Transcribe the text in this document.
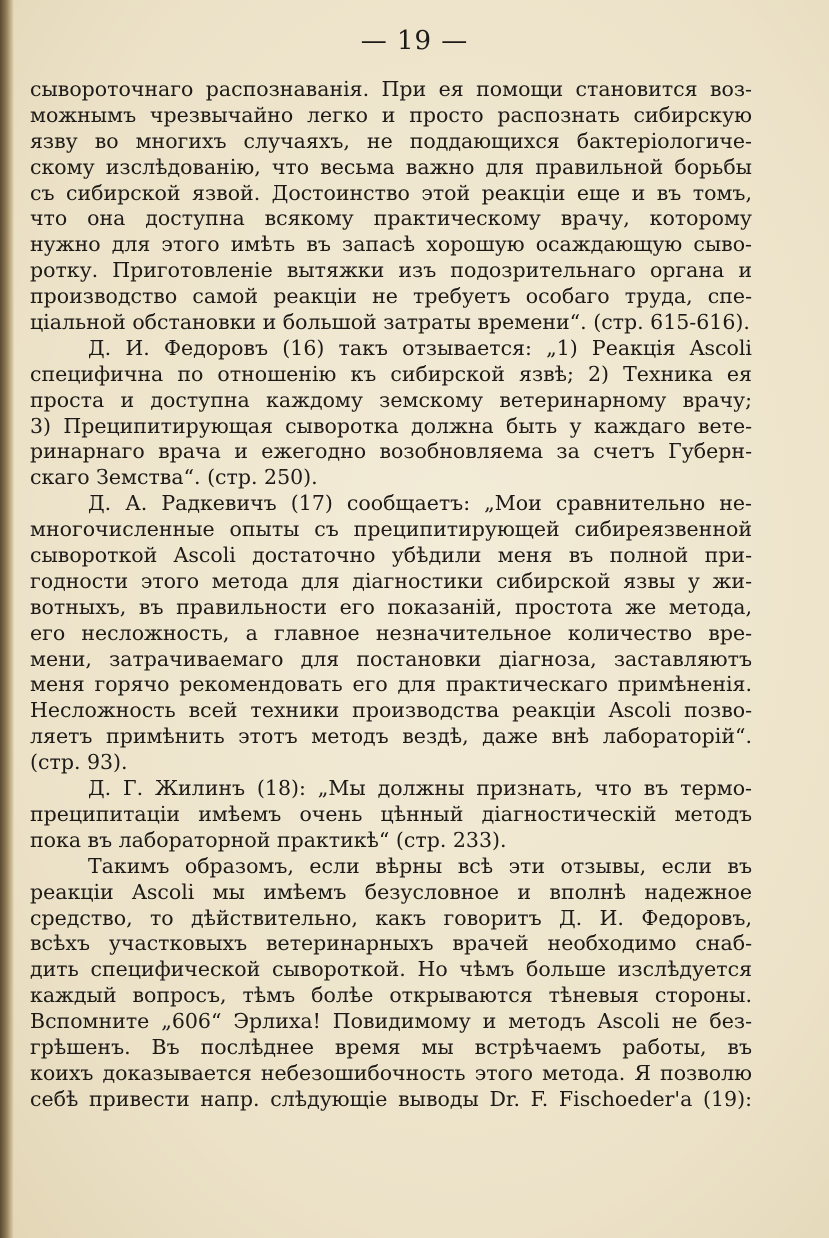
— 19 —
сывороточнаго распознаванія. При ея помощи становится воз-
можнымъ чрезвычайно легко и просто распознать сибирскую
язву во многихъ случаяхъ, не поддающихся бактеріологиче-
скому изслѣдованію, что весьма важно для правильной борьбы
съ сибирской язвой. Достоинство этой реакціи еще и въ томъ,
что она доступна всякому практическому врачу, которому
нужно для этого имѣть въ запасѣ хорошую осаждающую сыво-
ротку. Приготовленіе вытяжки изъ подозрительнаго органа и
производство самой реакціи не требуетъ особаго труда, спе-
ціальной обстановки и большой затраты времени“. (стр. 615-616).
Д. И. Федоровъ (16) такъ отзывается: „1) Реакція Ascoli
специфична по отношенію къ сибирской язвѣ; 2) Техника ея
проста и доступна каждому земскому ветеринарному врачу;
3) Преципитирующая сыворотка должна быть у каждаго вете-
ринарнаго врача и ежегодно возобновляема за счетъ Губерн-
скаго Земства“. (стр. 250).
Д. А. Радкевичъ (17) сообщаетъ: „Мои сравнительно не-
многочисленные опыты съ преципитирующей сибиреязвенной
сывороткой Ascoli достаточно убѣдили меня въ полной при-
годности этого метода для діагностики сибирской язвы у жи-
вотныхъ, въ правильности его показаній, простота же метода,
его несложность, а главное незначительное количество вре-
мени, затрачиваемаго для постановки діагноза, заставляютъ
меня горячо рекомендовать его для практическаго примѣненія.
Несложность всей техники производства реакціи Ascoli позво-
ляетъ примѣнить этотъ методъ вездѣ, даже внѣ лабораторій“.
(стр. 93).
Д. Г. Жилинъ (18): „Мы должны признать, что въ термо-
преципитаціи имѣемъ очень цѣнный діагностическій методъ
пока въ лабораторной практикѣ“ (стр. 233).
Такимъ образомъ, если вѣрны всѣ эти отзывы, если въ
реакціи Ascoli мы имѣемъ безусловное и вполнѣ надежное
средство, то дѣйствительно, какъ говоритъ Д. И. Федоровъ,
всѣхъ участковыхъ ветеринарныхъ врачей необходимо снаб-
дить специфической сывороткой. Но чѣмъ больше изслѣдуется
каждый вопросъ, тѣмъ болѣе открываются тѣневыя стороны.
Вспомните „606“ Эрлиха! Повидимому и методъ Ascoli не без-
грѣшенъ. Въ послѣднее время мы встрѣчаемъ работы, въ
коихъ доказывается небезошибочность этого метода. Я позволю
себѣ привести напр. слѣдующіе выводы Dr. F. Fischoeder'a (19):
